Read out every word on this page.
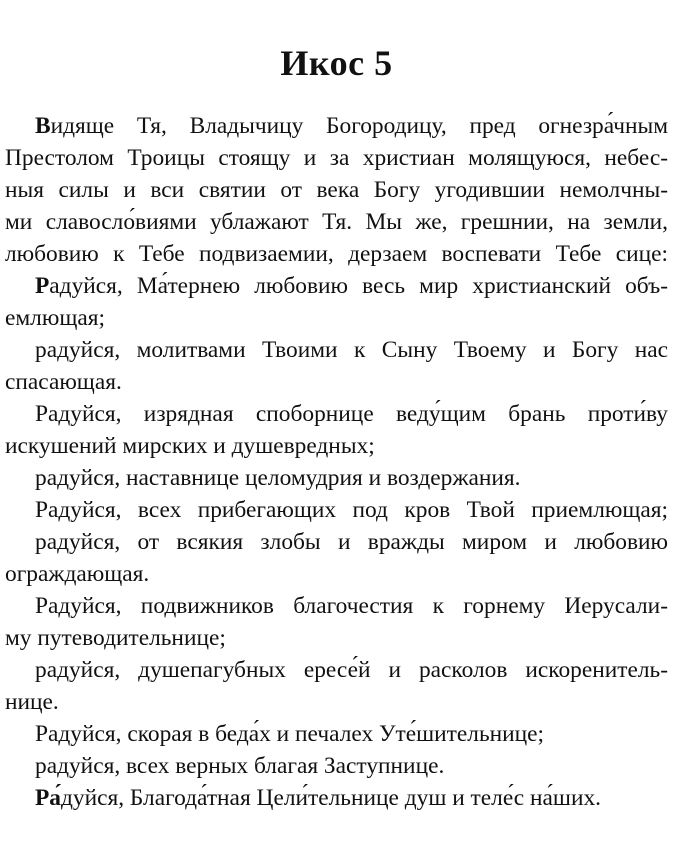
Икос 5
Видяще Тя, Владычицу Богородицу, пред огнезра́чным
Престолом Троицы стоящу и за христиан молящуюся, небес-
ныя силы и вси святии от века Богу угодившии немолчны-
ми славосло́виями ублажают Тя. Мы же, грешнии, на земли,
любовию к Тебе подвизаемии, дерзаем воспевати Тебе сице:
Радуйся, Ма́тернею любовию весь мир христианский объ-
емлющая;
радуйся, молитвами Твоими к Сыну Твоему и Богу нас
спасающая.
Радуйся, изрядная споборнице веду́щим брань проти́ву
искушений мирских и душевредных;
радуйся, наставнице целомудрия и воздержания.
Радуйся, всех прибегающих под кров Твой приемлющая;
радуйся, от всякия злобы и вражды миром и любовию
ограждающая.
Радуйся, подвижников благочестия к горнему Иерусали-
му путеводительнице;
радуйся, душепагубных ересе́й и расколов искоренитель-
нице.
Радуйся, скорая в беда́х и печалех Уте́шительнице;
радуйся, всех верных благая Заступнице.
Ра́дуйся, Благода́тная Цели́тельнице душ и теле́с на́ших.
